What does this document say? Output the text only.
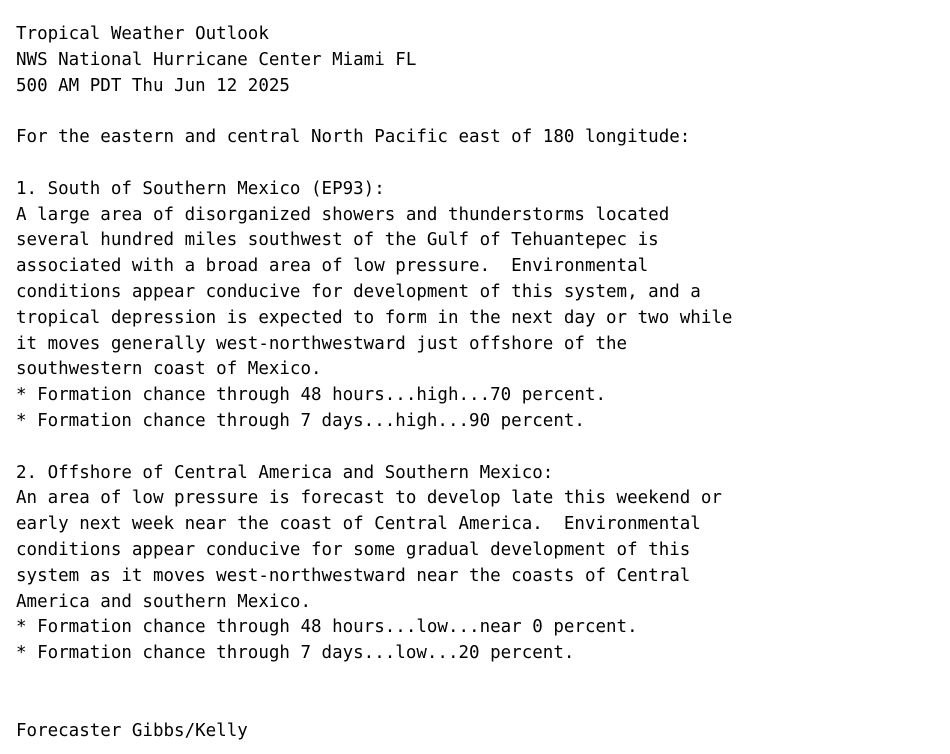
Tropical Weather Outlook
NWS National Hurricane Center Miami FL
500 AM PDT Thu Jun 12 2025
For the eastern and central North Pacific east of 180 longitude:
1. South of Southern Mexico (EP93):
A large area of disorganized showers and thunderstorms located
several hundred miles southwest of the Gulf of Tehuantepec is
associated with a broad area of low pressure.  Environmental
conditions appear conducive for development of this system, and a
tropical depression is expected to form in the next day or two while
it moves generally west-northwestward just offshore of the
southwestern coast of Mexico.
* Formation chance through 48 hours...high...70 percent.
* Formation chance through 7 days...high...90 percent.
2. Offshore of Central America and Southern Mexico:
An area of low pressure is forecast to develop late this weekend or
early next week near the coast of Central America.  Environmental
conditions appear conducive for some gradual development of this
system as it moves west-northwestward near the coasts of Central
America and southern Mexico.
* Formation chance through 48 hours...low...near 0 percent.
* Formation chance through 7 days...low...20 percent.
Forecaster Gibbs/Kelly
